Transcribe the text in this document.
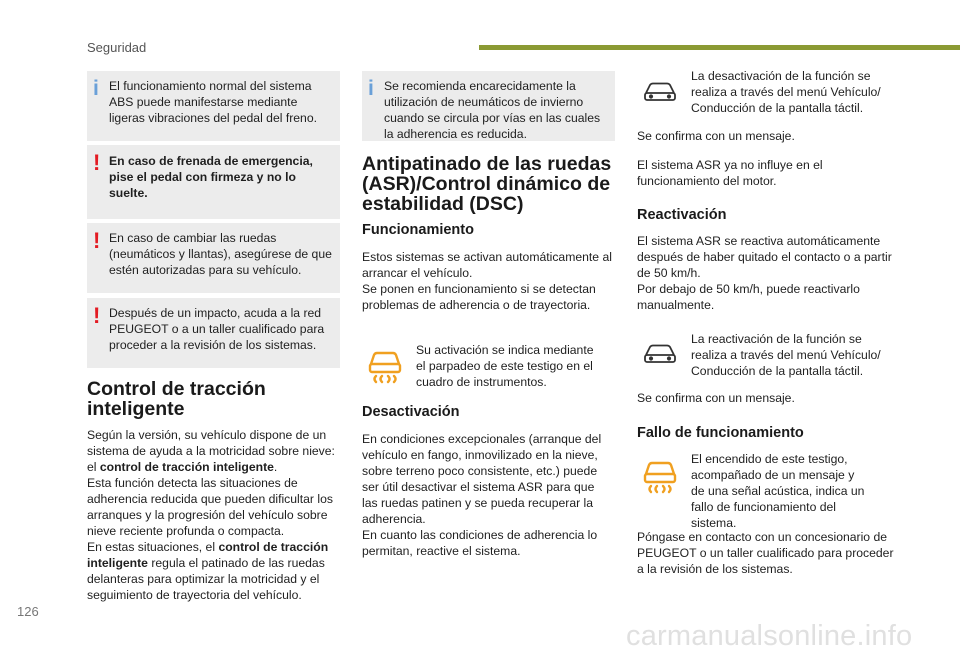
Seguridad
i El funcionamiento normal del sistema ABS puede manifestarse mediante ligeras vibraciones del pedal del freno.

! En caso de frenada de emergencia, pise el pedal con firmeza y no lo suelte.

! En caso de cambiar las ruedas (neumáticos y llantas), asegúrese de que estén autorizadas para su vehículo.

! Después de un impacto, acuda a la red PEUGEOT o a un taller cualificado para proceder a la revisión de los sistemas.

Control de tracción
inteligente

Según la versión, su vehículo dispone de un sistema de ayuda a la motricidad sobre nieve: el control de tracción inteligente.

Esta función detecta las situaciones de adherencia reducida que pueden dificultar los arranques y la progresión del vehículo sobre nieve reciente profunda o compacta.

En estas situaciones, el control de tracción inteligente regula el patinado de las ruedas delanteras para optimizar la motricidad y el seguimiento de trayectoria del vehículo.

i Se recomienda encarecidamente la utilización de neumáticos de invierno cuando se circula por vías en las cuales la adherencia es reducida.

Antipatinado de las ruedas
(ASR)/Control dinámico de
estabilidad (DSC)
Funcionamiento

Estos sistemas se activan automáticamente al arrancar el vehículo.

Se ponen en funcionamiento si se detectan problemas de adherencia o de trayectoria.

Su activación se indica mediante el parpadeo de este testigo en el cuadro de instrumentos.
Desactivación

En condiciones excepcionales (arranque del vehículo en fango, inmovilizado en la nieve, sobre terreno poco consistente, etc.) puede ser útil desactivar el sistema ASR para que las ruedas patinen y se pueda recuperar la adherencia.

En cuanto las condiciones de adherencia lo permitan, reactive el sistema.

La desactivación de la función se realiza a través del menú Vehículo/ Conducción de la pantalla táctil.
Se confirma con un mensaje.
El sistema ASR ya no influye en el funcionamiento del motor.
Reactivación

El sistema ASR se reactiva automáticamente después de haber quitado el contacto o a partir de 50 km/h.

Por debajo de 50 km/h, puede reactivarlo manualmente.

La reactivación de la función se realiza a través del menú Vehículo/ Conducción de la pantalla táctil.
Se confirma con un mensaje.
Fallo de funcionamiento
El encendido de este testigo, acompañado de un mensaje y de una señal acústica, indica un fallo de funcionamiento del sistema.
Póngase en contacto con un concesionario de PEUGEOT o un taller cualificado para proceder a la revisión de los sistemas.
126
carmanualsonline.info
